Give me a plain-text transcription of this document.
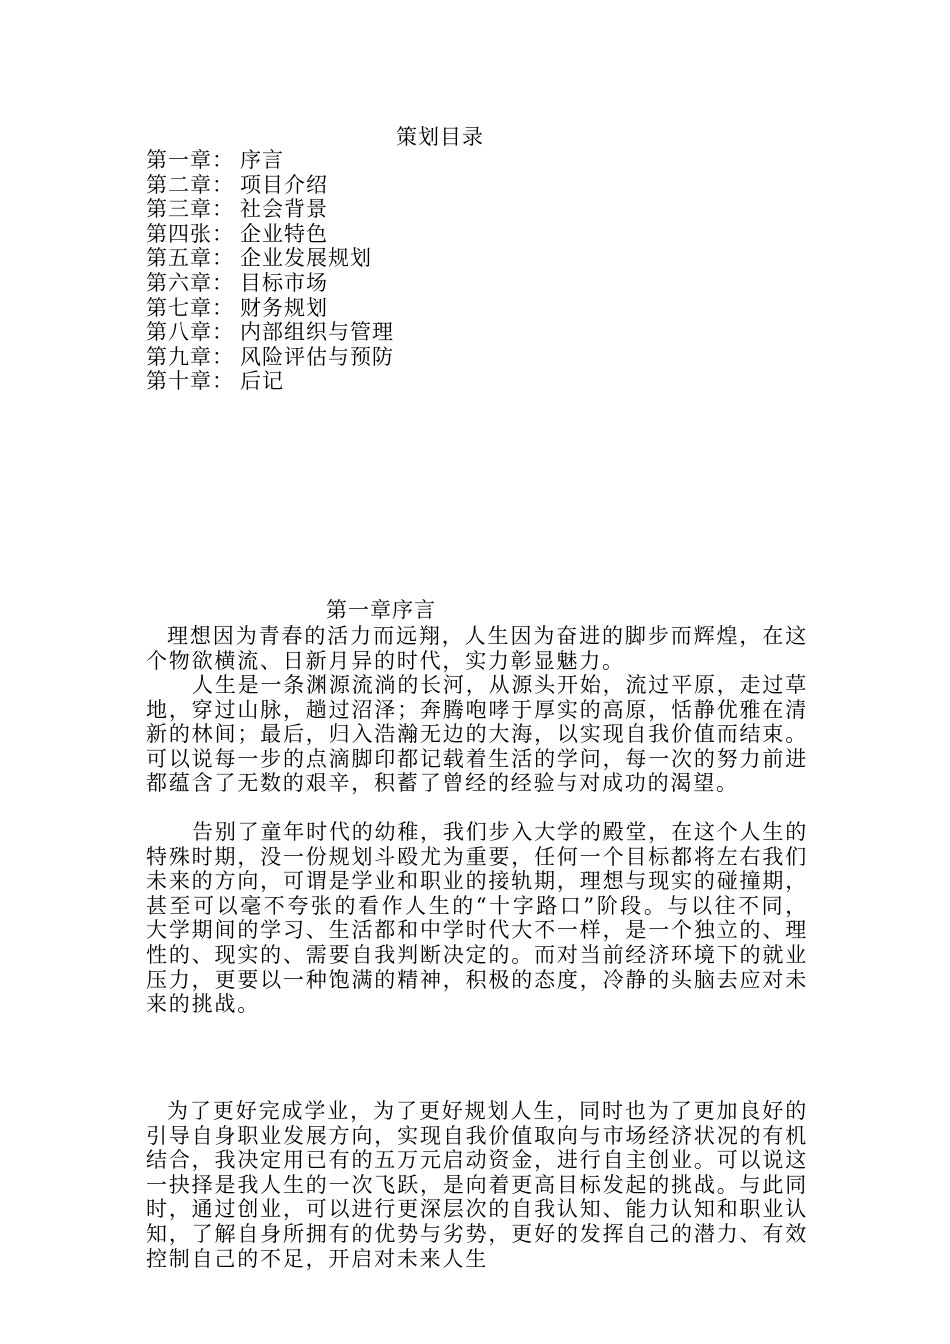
策划目录
第一章： 序言
第二章： 项目介绍
第三章： 社会背景
第四张： 企业特色
第五章： 企业发展规划
第六章： 目标市场
第七章： 财务规划
第八章： 内部组织与管理
第九章： 风险评估与预防
第十章： 后记
第一章序言

理想因为青春的活力而远翔，人生因为奋进的脚步而辉煌，在这个物欲横流、日新月异的时代，实力彰显魅力。

人生是一条渊源流淌的长河，从源头开始，流过平原，走过草地，穿过山脉，趟过沼泽；奔腾咆哮于厚实的高原，恬静优雅在清新的林间；最后，归入浩瀚无边的大海，以实现自我价值而结束。可以说每一步的点滴脚印都记载着生活的学问，每一次的努力前进都蕴含了无数的艰辛，积蓄了曾经的经验与对成功的渴望。

告别了童年时代的幼稚，我们步入大学的殿堂，在这个人生的特殊时期，没一份规划斗殴尤为重要，任何一个目标都将左右我们未来的方向，可谓是学业和职业的接轨期，理想与现实的碰撞期，甚至可以毫不夸张的看作人生的“十字路口”阶段。与以往不同，大学期间的学习、生活都和中学时代大不一样，是一个独立的、理性的、现实的、需要自我判断决定的。而对当前经济环境下的就业压力，更要以一种饱满的精神，积极的态度，冷静的头脑去应对未来的挑战。

为了更好完成学业，为了更好规划人生，同时也为了更加良好的引导自身职业发展方向，实现自我价值取向与市场经济状况的有机结合，我决定用已有的五万元启动资金，进行自主创业。可以说这一抉择是我人生的一次飞跃，是向着更高目标发起的挑战。与此同时，通过创业，可以进行更深层次的自我认知、能力认知和职业认知，了解自身所拥有的优势与劣势，更好的发挥自己的潜力、有效控制自己的不足，开启对未来人生
